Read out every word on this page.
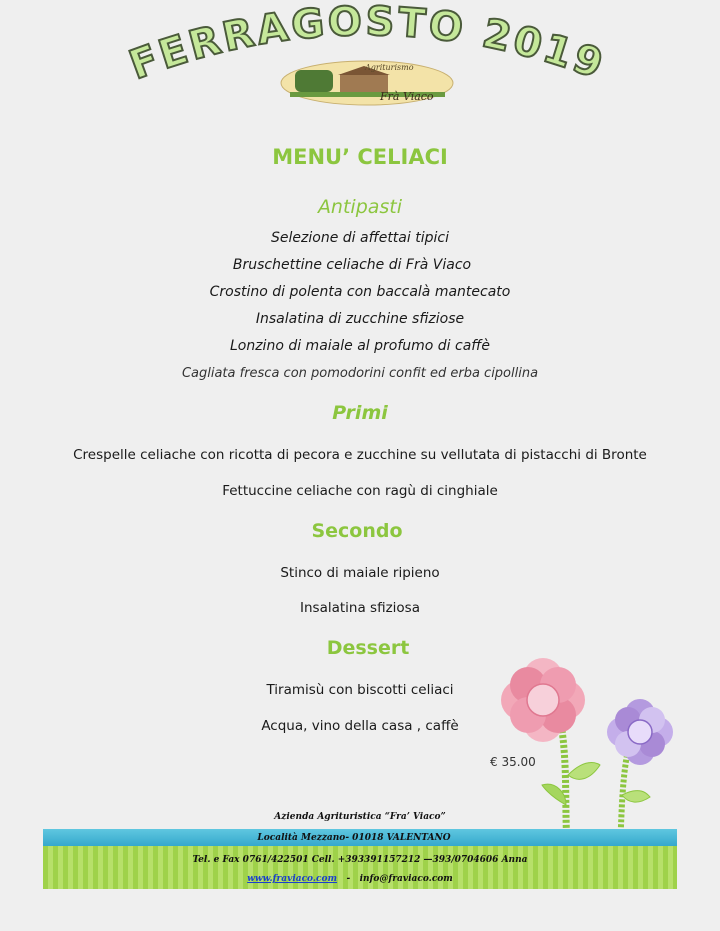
FERRAGOSTO 2019
Agriturismo
Frà Viaco
MENU’ CELIACI
Antipasti
Selezione di affettai tipici
Bruschettine celiache di Frà Viaco
Crostino di polenta con baccalà mantecato
Insalatina di zucchine sfiziose
Lonzino di maiale al profumo di caffè
Cagliata fresca con pomodorini confit ed erba cipollina
Primi
Crespelle celiache con ricotta di pecora e zucchine su vellutata di pistacchi di Bronte
Fettuccine celiache con ragù di cinghiale
Secondo
Stinco di maiale ripieno
Insalatina sfiziosa
Dessert
Tiramisù con biscotti celiaci
Acqua, vino della casa , caffè
€ 35.00
Azienda Agrituristica “Fra’ Viaco”
Località Mezzano- 01018 VALENTANO
Tel. e Fax 0761/422501 Cell. +393391157212 —393/0704606 Anna
www.fraviaco.com - info@fraviaco.com
